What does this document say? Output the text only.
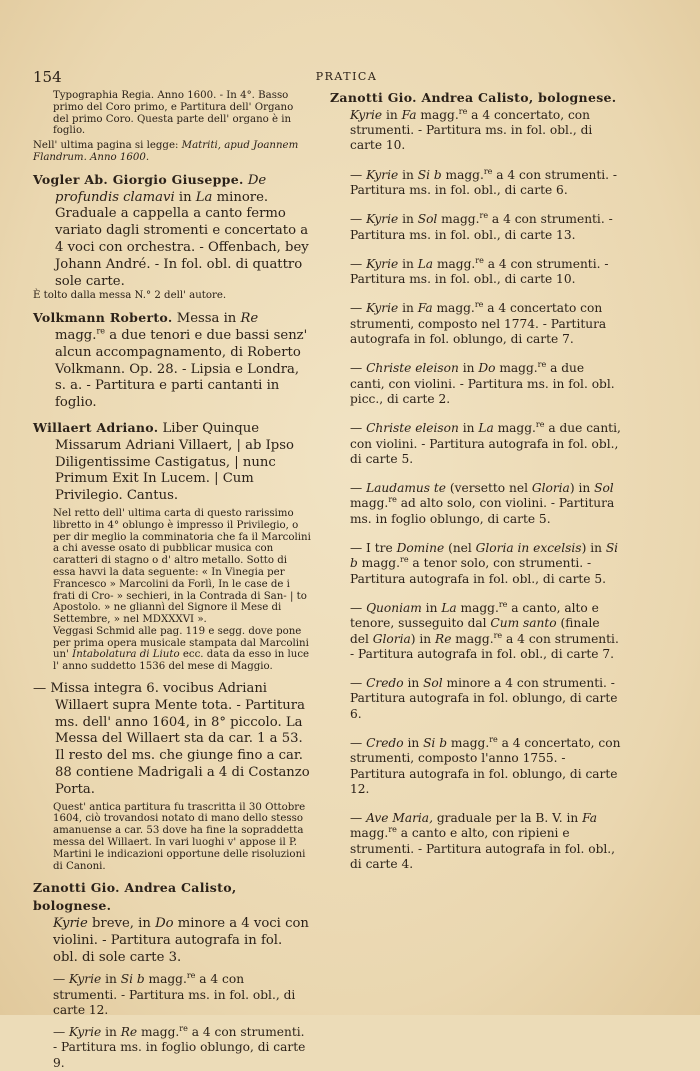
154	PRATICA

Typographia Regia. Anno 1600. - In 4°. Basso primo del Coro primo, e Partitura dell' Organo del primo Coro. Questa parte dell' organo è in foglio.

Nell' ultima pagina si legge: Matriti, apud Joannem Flandrum. Anno 1600.

Vogler Ab. Giorgio Giuseppe. De profundis clamavi in La minore. Graduale a cappella a canto fermo variato dagli stromenti e concertato a 4 voci con orchestra. - Offenbach, bey Johann André. - In fol. obl. di quattro sole carte.

È tolto dalla messa N.° 2 dell' autore.

Volkmann Roberto. Messa in Re magg.$^{re}$ a due tenori e due bassi senz' alcun accompagnamento, di Roberto Volkmann. Op. 28. - Lipsia e Londra, s. a. - Partitura e parti cantanti in foglio.

Willaert Adriano. Liber Quinque Missarum Adriani Villaert, | ab Ipso Diligentissime Castigatus, | nunc Primum Exit In Lucem. | Cum Privilegio. Cantus.

Nel retto dell' ultima carta di questo rarissimo libretto in 4° oblungo è impresso il Privilegio, o per dir meglio la comminatoria che fa il Marcolini a chi avesse osato di pubblicar musica con caratteri di stagno o d' altro metallo. Sotto di essa havvi la data seguente: « In Vinegia per Francesco » Marcolini da Forlì, In le case de i frati di Cro- » sechieri, in la Contrada di San- | to Apostolo. » ne gliannì del Signore il Mese di Settembre, » nel MDXXXVI ».

Veggasi Schmid alle pag. 119 e segg. dove pone per prima opera musicale stampata dal Marcolini un' Intabolatura di Liuto ecc. data da esso in luce l' anno suddetto 1536 del mese di Maggio.

— Missa integra 6. vocibus Adriani Willaert supra Mente tota. - Partitura ms. dell' anno 1604, in 8° piccolo. La Messa del Willaert sta da car. 1 a 53. Il resto del ms. che giunge fino a car. 88 contiene Madrigali a 4 di Costanzo Porta.

Quest' antica partitura fu trascritta il 30 Ottobre 1604, ciò trovandosi notato di mano dello stesso amanuense a car. 53 dove ha fine la sopraddetta messa del Willaert. In vari luoghi v' appose il P. Martini le indicazioni opportune delle risoluzioni di Canoni.

Zanotti Gio. Andrea Calisto, bolognese.

Kyrie breve, in Do minore a 4 voci con violini. - Partitura autografa in fol. obl. di sole carte 3.

— Kyrie in Si b magg.$^{re}$ a 4 con strumenti. - Partitura ms. in fol. obl., di carte 12.

— Kyrie in Re magg.$^{re}$ a 4 con strumenti. - Partitura ms. in foglio oblungo, di carte 9.

Zanotti Gio. Andrea Calisto, bolognese.

Kyrie in Fa magg.$^{re}$ a 4 concertato, con strumenti. - Partitura ms. in fol. obl., di carte 10.

— Kyrie in Si b magg.$^{re}$ a 4 con strumenti. - Partitura ms. in fol. obl., di carte 6.

— Kyrie in Sol magg.$^{re}$ a 4 con strumenti. - Partitura ms. in fol. obl., di carte 13.

— Kyrie in La magg.$^{re}$ a 4 con strumenti. - Partitura ms. in fol. obl., di carte 10.

— Kyrie in Fa magg.$^{re}$ a 4 concertato con strumenti, composto nel 1774. - Partitura autografa in fol. oblungo, di carte 7.

— Christe eleison in Do magg.$^{re}$ a due canti, con violini. - Partitura ms. in fol. obl. picc., di carte 2.

— Christe eleison in La magg.$^{re}$ a due canti, con violini. - Partitura autografa in fol. obl., di carte 5.

— Laudamus te (versetto nel Gloria) in Sol magg.$^{re}$ ad alto solo, con violini. - Partitura ms. in foglio oblungo, di carte 5.

— I tre Domine (nel Gloria in excelsis) in Si b magg.$^{re}$ a tenor solo, con strumenti. - Partitura autografa in fol. obl., di carte 5.

— Quoniam in La magg.$^{re}$ a canto, alto e tenore, susseguito dal Cum santo (finale del Gloria) in Re magg.$^{re}$ a 4 con strumenti. - Partitura autografa in fol. obl., di carte 7.

— Credo in Sol minore a 4 con strumenti. - Partitura autografa in fol. oblungo, di carte 6.

— Credo in Si b magg.$^{re}$ a 4 concertato, con strumenti, composto l'anno 1755. - Partitura autografa in fol. oblungo, di carte 12.

— Ave Maria, graduale per la B. V. in Fa magg.$^{re}$ a canto e alto, con ripieni e strumenti. - Partitura autografa in fol. obl., di carte 4.
